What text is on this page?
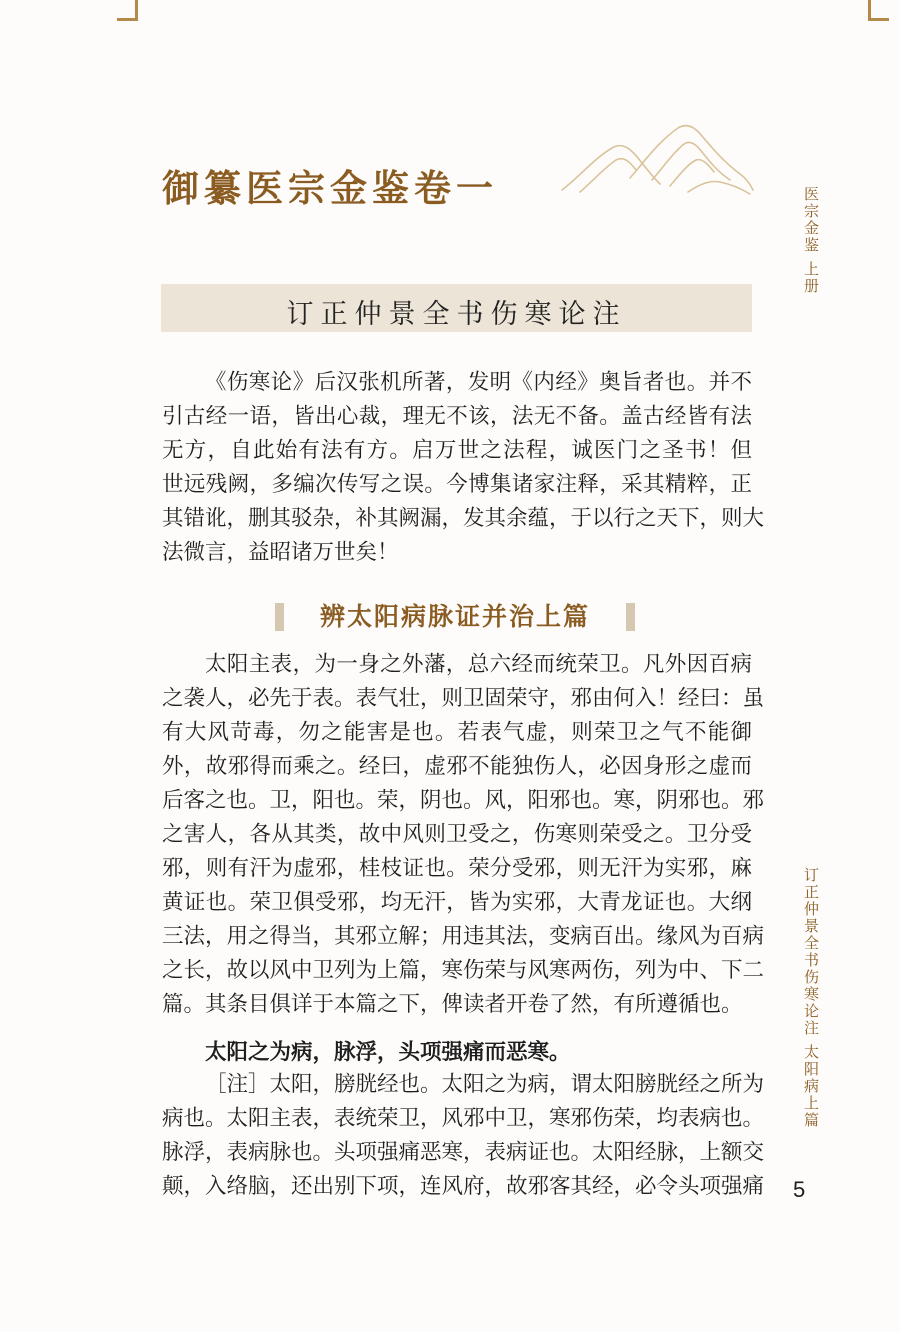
御纂医宗金鉴卷一	医宗金鉴 上册
订正仲景全书伤寒论注 太阳病上篇
5
订正仲景全书伤寒论注
《伤寒论》后汉张机所著，发明《内经》奥旨者也。并不
引古经一语，皆出心裁，理无不该，法无不备。盖古经皆有法
无方，自此始有法有方。启万世之法程，诚医门之圣书！但
世远残阙，多编次传写之误。今博集诸家注释，采其精粹，正
其错讹，删其驳杂，补其阙漏，发其余蕴，于以行之天下，则大
法微言，益昭诸万世矣！
辨太阳病脉证并治上篇
太阳主表，为一身之外藩，总六经而统荣卫。凡外因百病
之袭人，必先于表。表气壮，则卫固荣守，邪由何入！经曰：虽
有大风苛毒，勿之能害是也。若表气虚，则荣卫之气不能御
外，故邪得而乘之。经曰，虚邪不能独伤人，必因身形之虚而
后客之也。卫，阳也。荣，阴也。风，阳邪也。寒，阴邪也。邪
之害人，各从其类，故中风则卫受之，伤寒则荣受之。卫分受
邪，则有汗为虚邪，桂枝证也。荣分受邪，则无汗为实邪，麻
黄证也。荣卫俱受邪，均无汗，皆为实邪，大青龙证也。大纲
三法，用之得当，其邪立解；用违其法，变病百出。缘风为百病
之长，故以风中卫列为上篇，寒伤荣与风寒两伤，列为中、下二
篇。其条目俱详于本篇之下，俾读者开卷了然，有所遵循也。
太阳之为病，脉浮，头项强痛而恶寒。
［注］太阳，膀胱经也。太阳之为病，谓太阳膀胱经之所为
病也。太阳主表，表统荣卫，风邪中卫，寒邪伤荣，均表病也。
脉浮，表病脉也。头项强痛恶寒，表病证也。太阳经脉，上额交
颠，入络脑，还出别下项，连风府，故邪客其经，必令头项强痛
